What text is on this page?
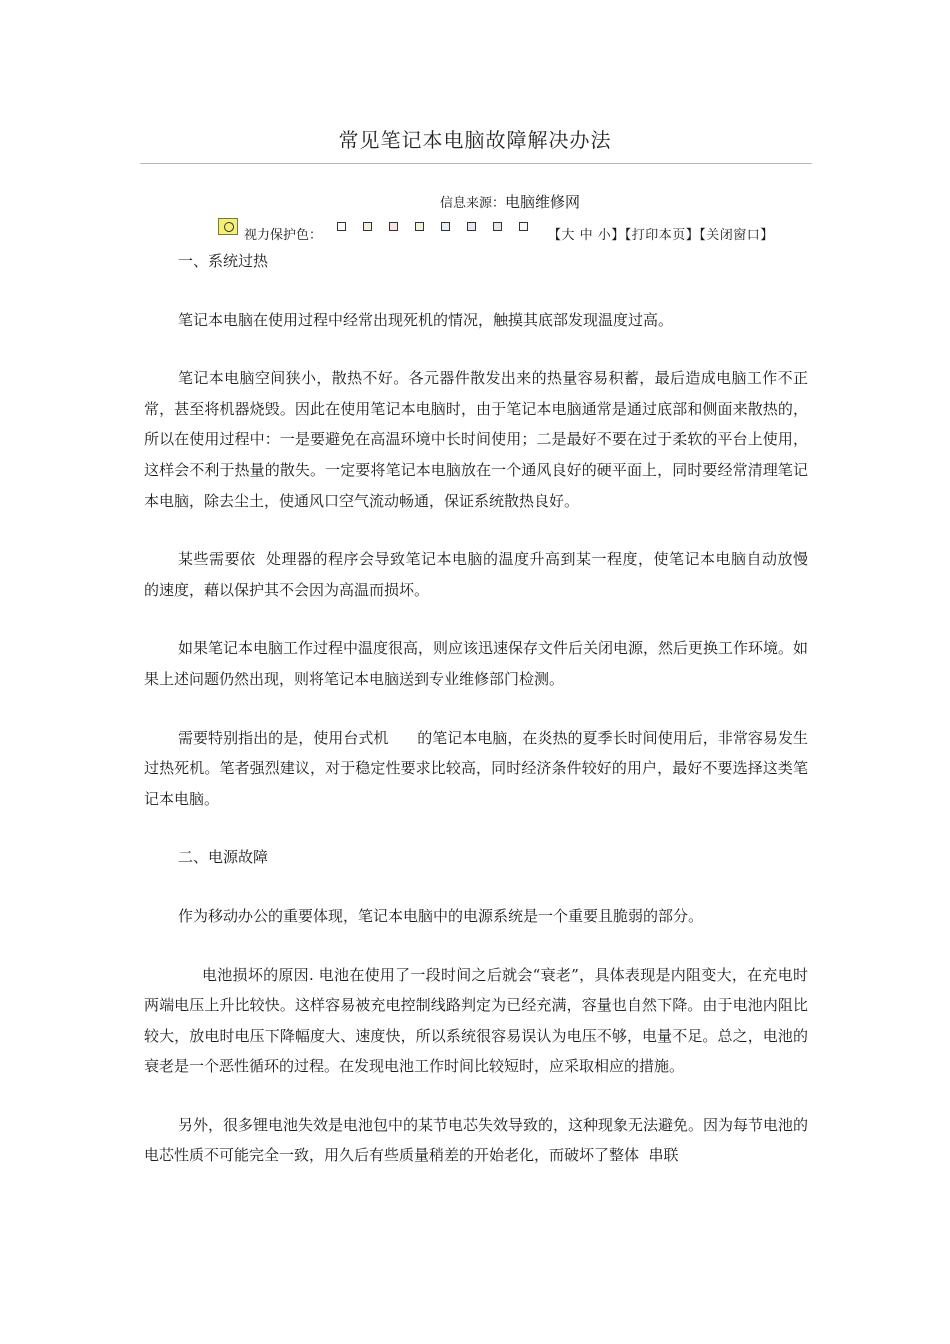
常见笔记本电脑故障解决办法
信息来源：电脑维修网
视力保护色：	【大 中 小】【打印本页】【关闭窗口】

一、系统过热

笔记本电脑在使用过程中经常出现死机的情况，触摸其底部发现温度过高。

笔记本电脑空间狭小，散热不好。各元器件散发出来的热量容易积蓄，最后造成电脑工作不正常，甚至将机器烧毁。因此在使用笔记本电脑时，由于笔记本电脑通常是通过底部和侧面来散热的，所以在使用过程中：一是要避免在高温环境中长时间使用；二是最好不要在过于柔软的平台上使用，这样会不利于热量的散失。一定要将笔记本电脑放在一个通风良好的硬平面上，同时要经常清理笔记本电脑，除去尘土，使通风口空气流动畅通，保证系统散热良好。

某些需要依  处理器的程序会导致笔记本电脑的温度升高到某一程度，使笔记本电脑自动放慢      的速度，藉以保护其不会因为高温而损坏。

如果笔记本电脑工作过程中温度很高，则应该迅速保存文件后关闭电源，然后更换工作环境。如果上述问题仍然出现，则将笔记本电脑送到专业维修部门检测。

需要特别指出的是，使用台式机      的笔记本电脑，在炎热的夏季长时间使用后，非常容易发生过热死机。笔者强烈建议，对于稳定性要求比较高，同时经济条件较好的用户，最好不要选择这类笔记本电脑。

二、电源故障

作为移动办公的重要体现，笔记本电脑中的电源系统是一个重要且脆弱的部分。

电池损坏的原因. 电池在使用了一段时间之后就会“衰老”，具体表现是内阻变大，在充电时两端电压上升比较快。这样容易被充电控制线路判定为已经充满，容量也自然下降。由于电池内阻比较大，放电时电压下降幅度大、速度快，所以系统很容易误认为电压不够，电量不足。总之，电池的衰老是一个恶性循环的过程。在发现电池工作时间比较短时，应采取相应的措施。

另外，很多锂电池失效是电池包中的某节电芯失效导致的，这种现象无法避免。因为每节电池的电芯性质不可能完全一致，用久后有些质量稍差的开始老化，而破坏了整体  串联
